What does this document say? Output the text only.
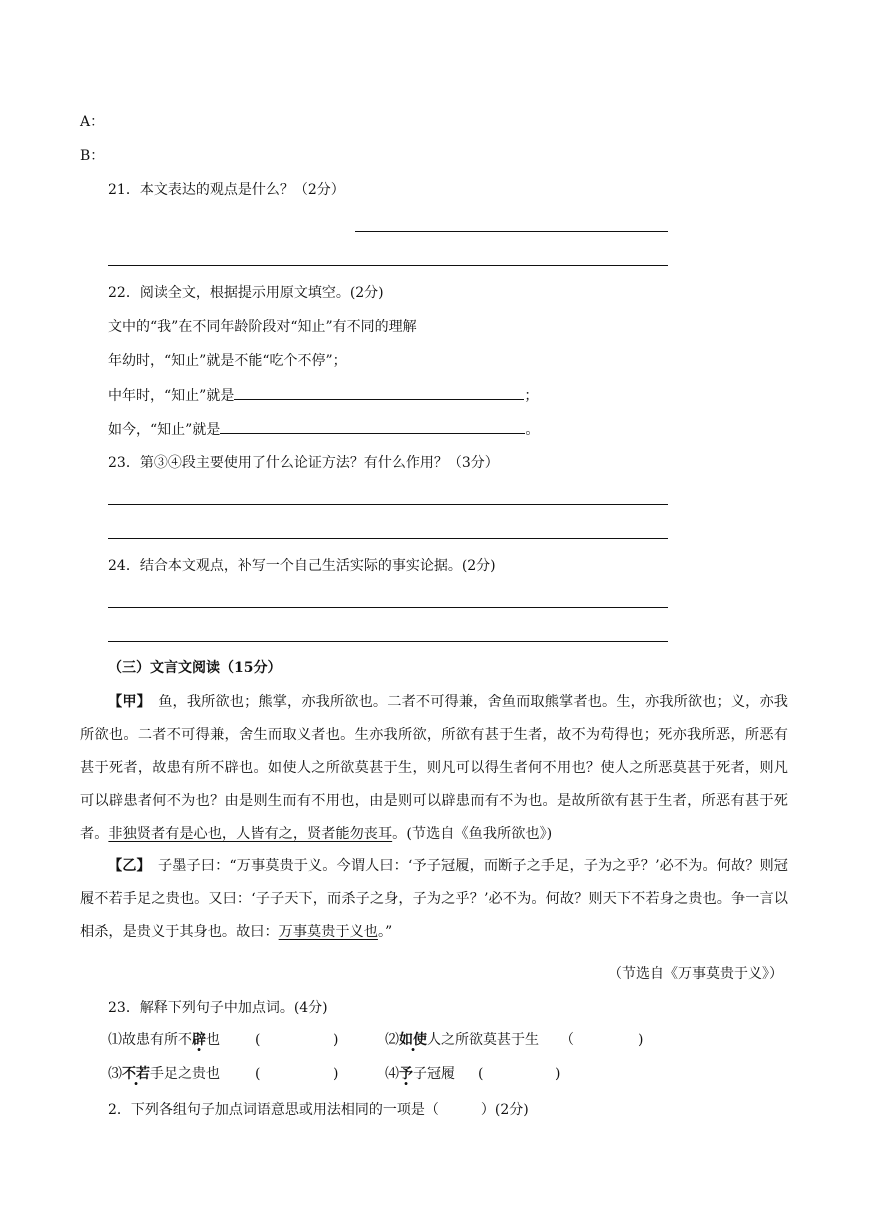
A：
B：
21．本文表达的观点是什么？（2分）
22．阅读全文，根据提示用原文填空。(2分)
文中的“我”在不同年龄阶段对“知止”有不同的理解
年幼时，“知止”就是不能“吃个不停”；
中年时，“知止”就是	；
如今，“知止”就是	。
23．第③④段主要使用了什么论证方法？有什么作用？（3分）
24．结合本文观点，补写一个自己生活实际的事实论据。(2分)
（三）文言文阅读（15分）
【甲】　 鱼，我所欲也；熊掌，亦我所欲也。二者不可得兼，舍鱼而取熊掌者也。生，亦我所欲也；义，亦我所欲也。二者不可得兼，舍生而取义者也。生亦我所欲，所欲有甚于生者，故不为苟得也；死亦我所恶，所恶有甚于死者，故患有所不辟也。如使人之所欲莫甚于生，则凡可以得生者何不用也？使人之所恶莫甚于死者，则凡可以辟患者何不为也？由是则生而有不用也，由是则可以辟患而有不为也。是故所欲有甚于生者，所恶有甚于死者。非独贤者有是心也，人皆有之，贤者能勿丧耳。(节选自《鱼我所欲也》)
【乙】　 子墨子曰：“万事莫贵于义。今谓人曰：‘予子冠履，而断子之手足，子为之乎？’必不为。何故？则冠履不若手足之贵也。又曰：‘子子天下，而杀子之身，子为之乎？’必不为。何故？则天下不若身之贵也。争一言以相杀，是贵义于其身也。故曰：万事莫贵于义也。”
（节选自《万事莫贵于义》）
23．解释下列句子中加点词。(4分)
⑴故患有所不辟也	(	)	⑵如使人之所欲莫甚于生 （	)
⑶不若手足之贵也	(	)	⑷予子冠履 (	)
2．下列各组句子加点词语意思或用法相同的一项是（　　　）(2分)
